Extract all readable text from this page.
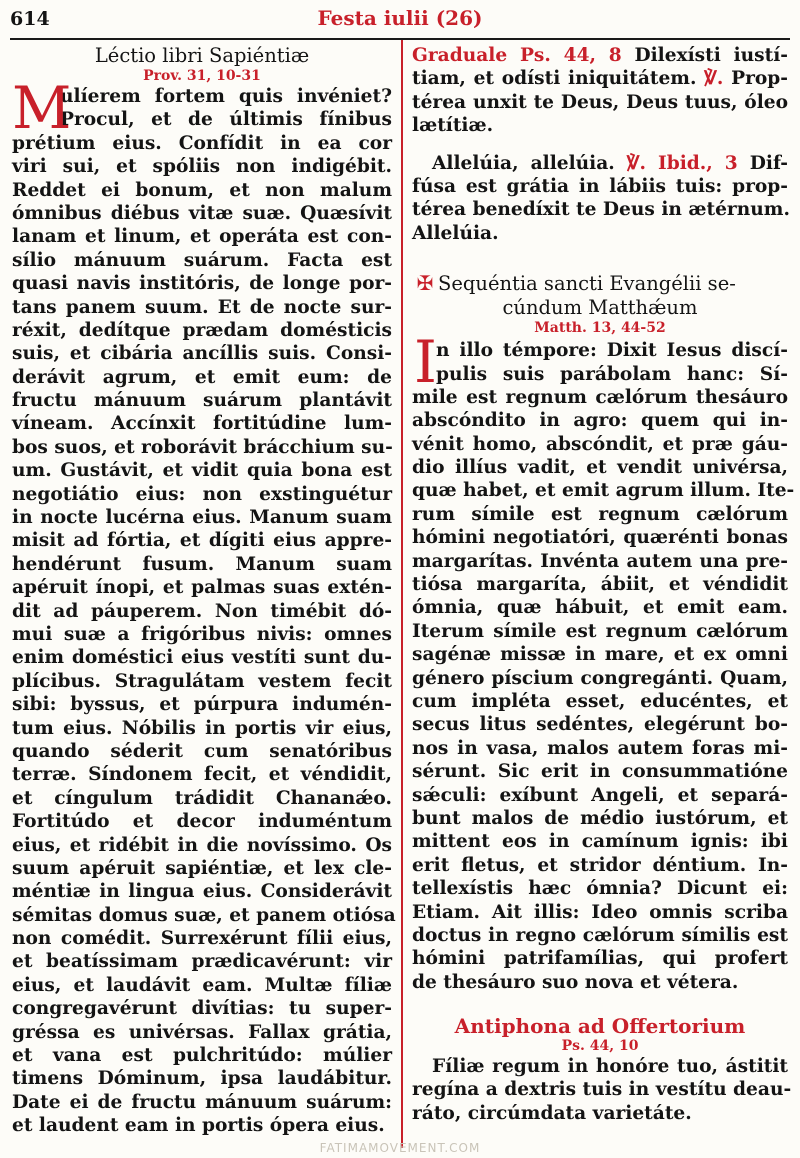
614	Festa iulii (26)
Léctio libri Sapiéntiæ
Prov. 31, 10-31
M
ulíerem fortem quis invéniet?
Procul, et de últimis fínibus
prétium eius. Confídit in ea cor
viri sui, et spóliis non indigébit.
Reddet ei bonum, et non malum
ómnibus diébus vitæ suæ. Quæsívit
lanam et linum, et operáta est con-
sílio mánuum suárum. Facta est
quasi navis institóris, de longe por-
tans panem suum. Et de nocte sur-
réxit, dedítque prædam domésticis
suis, et cibária ancíllis suis. Consi-
derávit agrum, et emit eum: de
fructu mánuum suárum plantávit
víneam. Accínxit fortitúdine lum-
bos suos, et roborávit brácchium su-
um. Gustávit, et vidit quia bona est
negotiátio eius: non exstinguétur
in nocte lucérna eius. Manum suam
misit ad fórtia, et dígiti eius appre-
hendérunt fusum. Manum suam
apéruit ínopi, et palmas suas extén-
dit ad páuperem. Non timébit dó-
mui suæ a frigóribus nivis: omnes
enim doméstici eius vestíti sunt du-
plícibus. Stragulátam vestem fecit
sibi: byssus, et púrpura indumén-
tum eius. Nóbilis in portis vir eius,
quando séderit cum senatóribus
terræ. Síndonem fecit, et véndidit,
et cíngulum trádidit Chananǽo.
Fortitúdo et decor induméntum
eius, et ridébit in die novíssimo. Os
suum apéruit sapiéntiæ, et lex cle-
méntiæ in lingua eius. Considerávit
sémitas domus suæ, et panem otiósa
non comédit. Surrexérunt fílii eius,
et beatíssimam prædicavérunt: vir
eius, et laudávit eam. Multæ fíliæ
congregavérunt divítias: tu super-
gréssa es univérsas. Fallax grátia,
et vana est pulchritúdo: múlier
timens Dóminum, ipsa laudábitur.
Date ei de fructu mánuum suárum:
et laudent eam in portis ópera eius.
Graduale Ps. 44, 8 Dilexísti iustí-
tiam, et odísti iniquitátem. ℣. Prop-
térea unxit te Deus, Deus tuus, óleo
lætítiæ.
Allelúia, allelúia. ℣. Ibid., 3 Dif-
fúsa est grátia in lábiis tuis: prop-
térea benedíxit te Deus in ætérnum.
Allelúia.
✠ Sequéntia sancti Evangélii se-
cúndum Matthǽum
Matth. 13, 44-52
I n illo témpore: Dixit Iesus discí-
pulis suis parábolam hanc: Sí-
mile est regnum cælórum thesáuro
abscóndito in agro: quem qui in-
vénit homo, abscóndit, et præ gáu-
dio illíus vadit, et vendit univérsa,
quæ habet, et emit agrum illum. Ite-
rum símile est regnum cælórum
hómini negotiatóri, quærénti bonas
margarítas. Invénta autem una pre-
tiósa margaríta, ábiit, et véndidit
ómnia, quæ hábuit, et emit eam.
Iterum símile est regnum cælórum
sagénæ missæ in mare, et ex omni
género píscium congregánti. Quam,
cum impléta esset, educéntes, et
secus litus sedéntes, elegérunt bo-
nos in vasa, malos autem foras mi-
sérunt. Sic erit in consummatióne
sǽculi: exíbunt Angeli, et separá-
bunt malos de médio iustórum, et
mittent eos in camínum ignis: ibi
erit fletus, et stridor déntium. In-
tellexístis hæc ómnia? Dicunt ei:
Etiam. Ait illis: Ideo omnis scriba
doctus in regno cælórum símilis est
hómini patrifamílias, qui profert
de thesáuro suo nova et vétera.
Antiphona ad Offertorium
Ps. 44, 10
Fíliæ regum in honóre tuo, ástitit
regína a dextris tuis in vestítu deau-
ráto, circúmdata varietáte.
FATIMAMOVEMENT.COM
